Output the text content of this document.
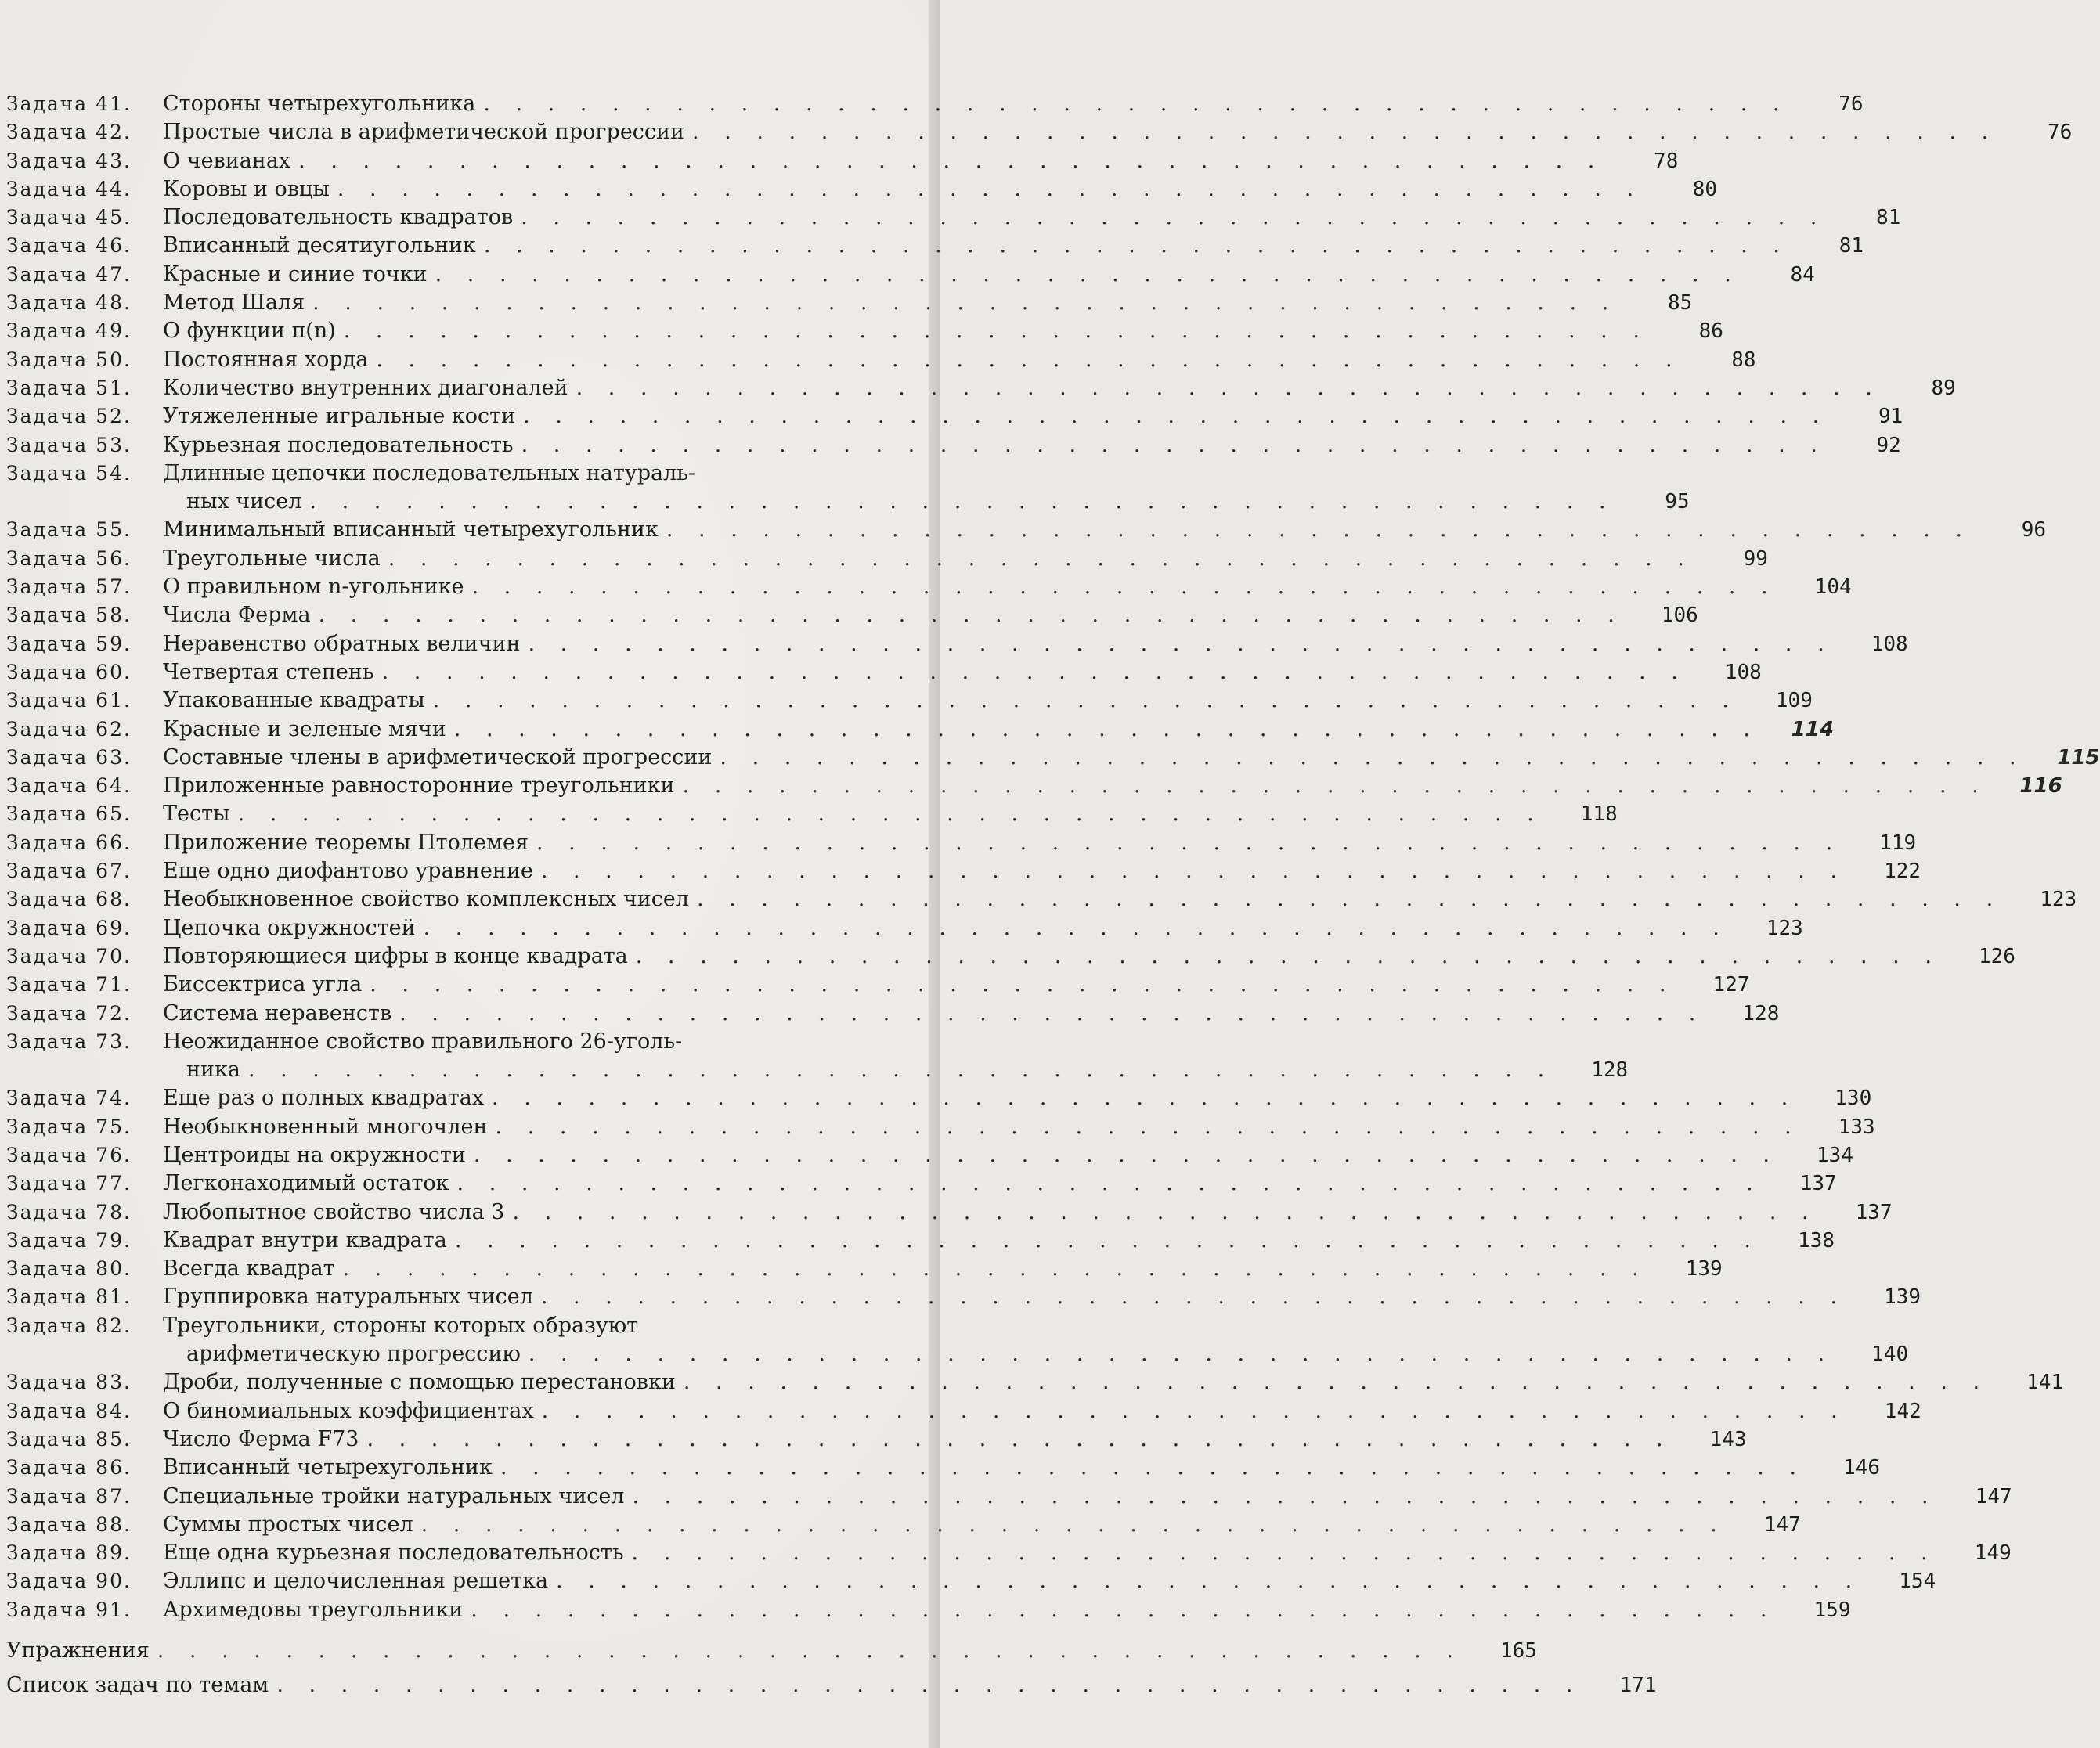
Задача 41.	Стороны четырехугольника . . . . . . . . . . . . . . . . . . . . . . . . . . . . . . . . . . . . . . . . .	76
Задача 42.	Простые числа в арифметической прогрессии . . . . . . . . . . . . . . . . . . . . . . . . . . . . . . . . . . . . . . . . .	76
Задача 43.	О чевианах . . . . . . . . . . . . . . . . . . . . . . . . . . . . . . . . . . . . . . . . .	78
Задача 44.	Коровы и овцы . . . . . . . . . . . . . . . . . . . . . . . . . . . . . . . . . . . . . . . . .	80
Задача 45.	Последовательность квадратов . . . . . . . . . . . . . . . . . . . . . . . . . . . . . . . . . . . . . . . . .	81
Задача 46.	Вписанный десятиугольник . . . . . . . . . . . . . . . . . . . . . . . . . . . . . . . . . . . . . . . . .	81
Задача 47.	Красные и синие точки . . . . . . . . . . . . . . . . . . . . . . . . . . . . . . . . . . . . . . . . .	84
Задача 48.	Метод Шаля . . . . . . . . . . . . . . . . . . . . . . . . . . . . . . . . . . . . . . . . .	85
Задача 49.	О функции π(n) . . . . . . . . . . . . . . . . . . . . . . . . . . . . . . . . . . . . . . . . .	86
Задача 50.	Постоянная хорда . . . . . . . . . . . . . . . . . . . . . . . . . . . . . . . . . . . . . . . . .	88
Задача 51.	Количество внутренних диагоналей . . . . . . . . . . . . . . . . . . . . . . . . . . . . . . . . . . . . . . . . .	89
Задача 52.	Утяжеленные игральные кости . . . . . . . . . . . . . . . . . . . . . . . . . . . . . . . . . . . . . . . . .	91
Задача 53.	Курьезная последовательность . . . . . . . . . . . . . . . . . . . . . . . . . . . . . . . . . . . . . . . . .	92
Задача 54.	Длинные цепочки последовательных натураль-
ных чисел . . . . . . . . . . . . . . . . . . . . . . . . . . . . . . . . . . . . . . . . .	95
Задача 55.	Минимальный вписанный четырехугольник . . . . . . . . . . . . . . . . . . . . . . . . . . . . . . . . . . . . . . . . .	96
Задача 56.	Треугольные числа . . . . . . . . . . . . . . . . . . . . . . . . . . . . . . . . . . . . . . . . .	99
Задача 57.	О правильном n-угольнике . . . . . . . . . . . . . . . . . . . . . . . . . . . . . . . . . . . . . . . . .	104
Задача 58.	Числа Ферма . . . . . . . . . . . . . . . . . . . . . . . . . . . . . . . . . . . . . . . . .	106
Задача 59.	Неравенство обратных величин . . . . . . . . . . . . . . . . . . . . . . . . . . . . . . . . . . . . . . . . .	108
Задача 60.	Четвертая степень . . . . . . . . . . . . . . . . . . . . . . . . . . . . . . . . . . . . . . . . .	108
Задача 61.	Упакованные квадраты . . . . . . . . . . . . . . . . . . . . . . . . . . . . . . . . . . . . . . . . .	109
Задача 62.	Красные и зеленые мячи . . . . . . . . . . . . . . . . . . . . . . . . . . . . . . . . . . . . . . . . .	114
Задача 63.	Составные члены в арифметической прогрессии . . . . . . . . . . . . . . . . . . . . . . . . . . . . . . . . . . . . . . . . .	115
Задача 64.	Приложенные равносторонние треугольники . . . . . . . . . . . . . . . . . . . . . . . . . . . . . . . . . . . . . . . . .	116
Задача 65.	Тесты . . . . . . . . . . . . . . . . . . . . . . . . . . . . . . . . . . . . . . . . .	118
Задача 66.	Приложение теоремы Птолемея . . . . . . . . . . . . . . . . . . . . . . . . . . . . . . . . . . . . . . . . .	119
Задача 67.	Еще одно диофантово уравнение . . . . . . . . . . . . . . . . . . . . . . . . . . . . . . . . . . . . . . . . .	122
Задача 68.	Необыкновенное свойство комплексных чисел . . . . . . . . . . . . . . . . . . . . . . . . . . . . . . . . . . . . . . . . .	123
Задача 69.	Цепочка окружностей . . . . . . . . . . . . . . . . . . . . . . . . . . . . . . . . . . . . . . . . .	123
Задача 70.	Повторяющиеся цифры в конце квадрата . . . . . . . . . . . . . . . . . . . . . . . . . . . . . . . . . . . . . . . . .	126
Задача 71.	Биссектриса угла . . . . . . . . . . . . . . . . . . . . . . . . . . . . . . . . . . . . . . . . .	127
Задача 72.	Система неравенств . . . . . . . . . . . . . . . . . . . . . . . . . . . . . . . . . . . . . . . . .	128
Задача 73.	Неожиданное свойство правильного 26-уголь-
ника . . . . . . . . . . . . . . . . . . . . . . . . . . . . . . . . . . . . . . . . .	128
Задача 74.	Еще раз о полных квадратах . . . . . . . . . . . . . . . . . . . . . . . . . . . . . . . . . . . . . . . . .	130
Задача 75.	Необыкновенный многочлен . . . . . . . . . . . . . . . . . . . . . . . . . . . . . . . . . . . . . . . . .	133
Задача 76.	Центроиды на окружности . . . . . . . . . . . . . . . . . . . . . . . . . . . . . . . . . . . . . . . . .	134
Задача 77.	Легконаходимый остаток . . . . . . . . . . . . . . . . . . . . . . . . . . . . . . . . . . . . . . . . .	137
Задача 78.	Любопытное свойство числа 3 . . . . . . . . . . . . . . . . . . . . . . . . . . . . . . . . . . . . . . . . .	137
Задача 79.	Квадрат внутри квадрата . . . . . . . . . . . . . . . . . . . . . . . . . . . . . . . . . . . . . . . . .	138
Задача 80.	Всегда квадрат . . . . . . . . . . . . . . . . . . . . . . . . . . . . . . . . . . . . . . . . .	139
Задача 81.	Группировка натуральных чисел . . . . . . . . . . . . . . . . . . . . . . . . . . . . . . . . . . . . . . . . .	139
Задача 82.	Треугольники, стороны которых образуют
арифметическую прогрессию . . . . . . . . . . . . . . . . . . . . . . . . . . . . . . . . . . . . . . . . .	140
Задача 83.	Дроби, полученные с помощью перестановки . . . . . . . . . . . . . . . . . . . . . . . . . . . . . . . . . . . . . . . . .	141
Задача 84.	О биномиальных коэффициентах . . . . . . . . . . . . . . . . . . . . . . . . . . . . . . . . . . . . . . . . .	142
Задача 85.	Число Ферма F73 . . . . . . . . . . . . . . . . . . . . . . . . . . . . . . . . . . . . . . . . .	143
Задача 86.	Вписанный четырехугольник . . . . . . . . . . . . . . . . . . . . . . . . . . . . . . . . . . . . . . . . .	146
Задача 87.	Специальные тройки натуральных чисел . . . . . . . . . . . . . . . . . . . . . . . . . . . . . . . . . . . . . . . . .	147
Задача 88.	Суммы простых чисел . . . . . . . . . . . . . . . . . . . . . . . . . . . . . . . . . . . . . . . . .	147
Задача 89.	Еще одна курьезная последовательность . . . . . . . . . . . . . . . . . . . . . . . . . . . . . . . . . . . . . . . . .	149
Задача 90.	Эллипс и целочисленная решетка . . . . . . . . . . . . . . . . . . . . . . . . . . . . . . . . . . . . . . . . .	154
Задача 91.	Архимедовы треугольники . . . . . . . . . . . . . . . . . . . . . . . . . . . . . . . . . . . . . . . . .	159
Упражнения . . . . . . . . . . . . . . . . . . . . . . . . . . . . . . . . . . . . . . . . .	165
Список задач по темам . . . . . . . . . . . . . . . . . . . . . . . . . . . . . . . . . . . . . . . . .	171
